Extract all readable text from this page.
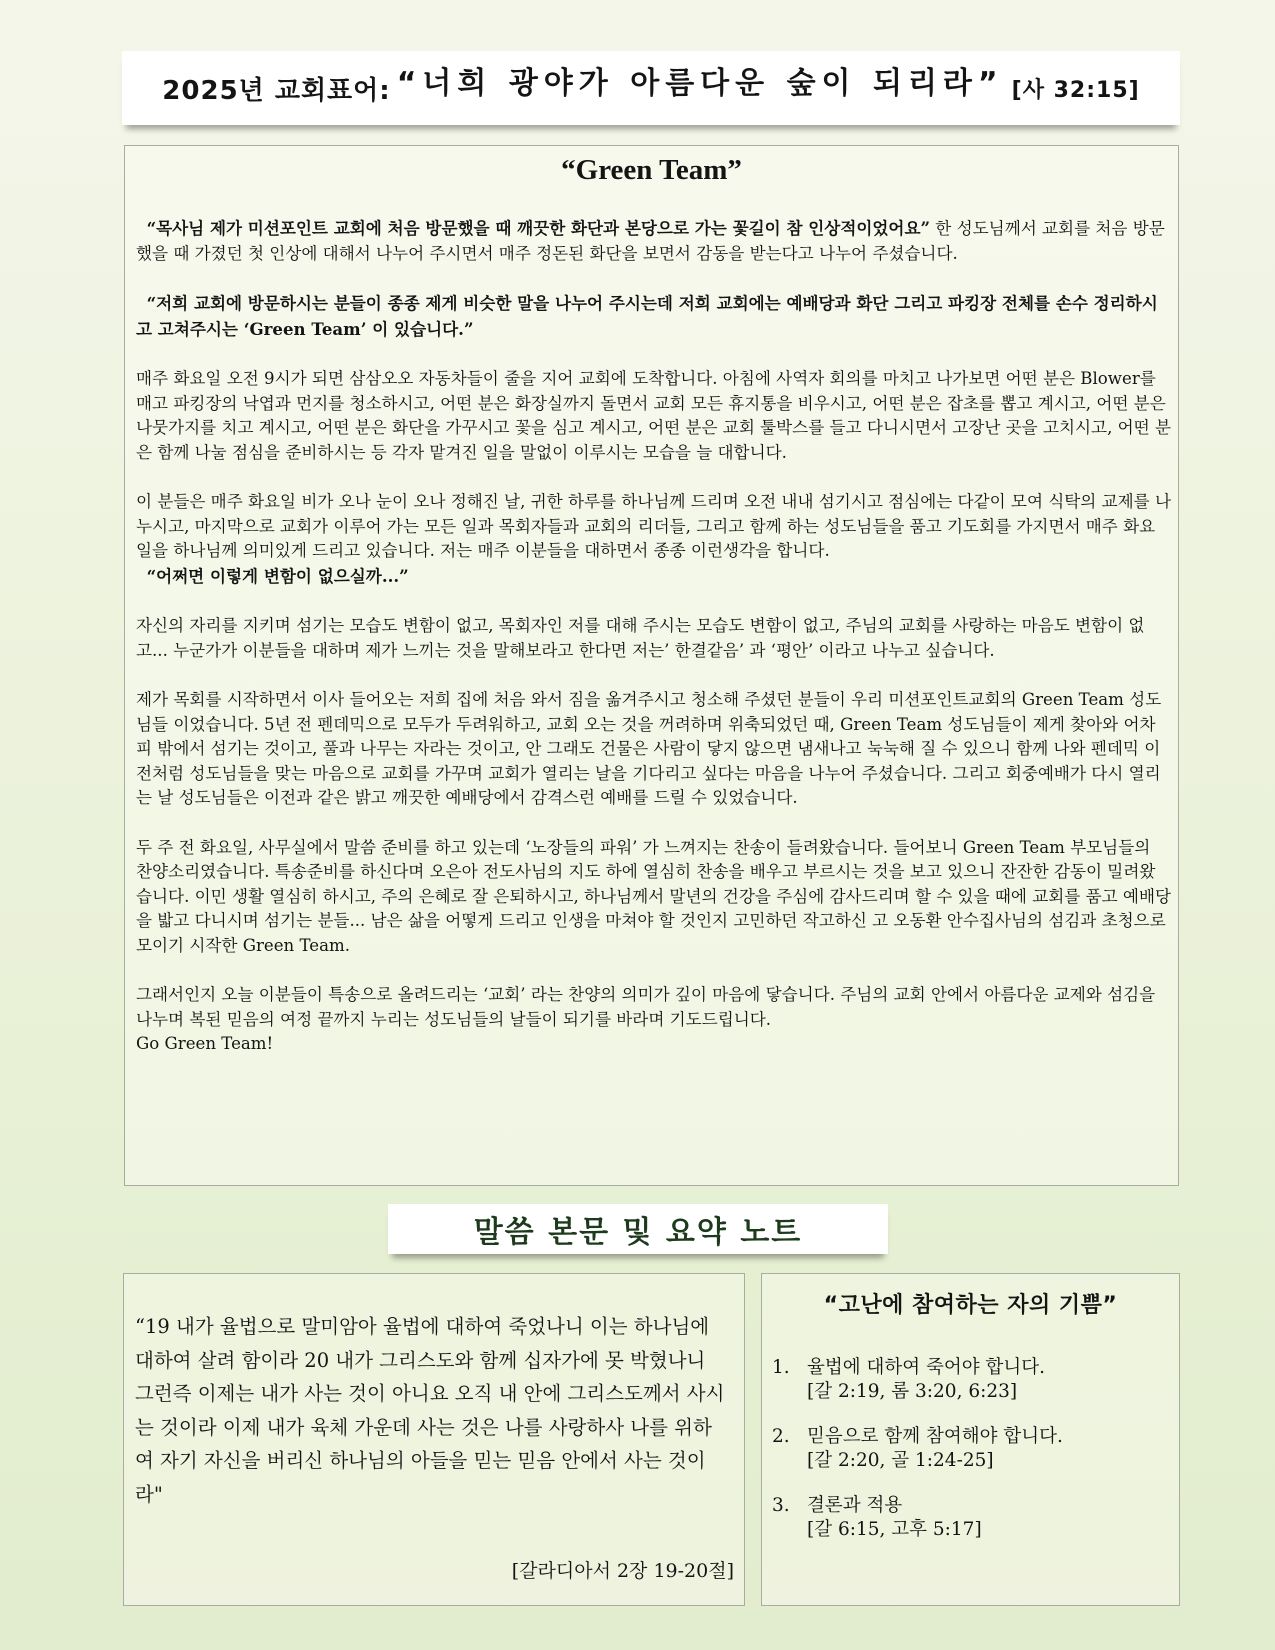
2025년 교회표어: “너희 광야가 아름다운 숲이 되리라” [사 32:15]
“Green Team”

“목사님 제가 미션포인트 교회에 처음 방문했을 때 깨끗한 화단과 본당으로 가는 꽃길이 참 인상적이었어요” 한 성도님께서 교회를 처음 방문했을 때 가졌던 첫 인상에 대해서 나누어 주시면서 매주 정돈된 화단을 보면서 감동을 받는다고 나누어 주셨습니다.

“저희 교회에 방문하시는 분들이 종종 제게 비슷한 말을 나누어 주시는데 저희 교회에는 예배당과 화단 그리고 파킹장 전체를 손수 정리하시고 고쳐주시는 ‘Green Team’ 이 있습니다.”

매주 화요일 오전 9시가 되면 삼삼오오 자동차들이 줄을 지어 교회에 도착합니다. 아침에 사역자 회의를 마치고 나가보면 어떤 분은 Blower를 매고 파킹장의 낙엽과 먼지를 청소하시고, 어떤 분은 화장실까지 돌면서 교회 모든 휴지통을 비우시고, 어떤 분은 잡초를 뽑고 계시고, 어떤 분은 나뭇가지를 치고 계시고, 어떤 분은 화단을 가꾸시고 꽃을 심고 계시고, 어떤 분은 교회 툴박스를 들고 다니시면서 고장난 곳을 고치시고, 어떤 분은 함께 나눌 점심을 준비하시는 등 각자 맡겨진 일을 말없이 이루시는 모습을 늘 대합니다.

이 분들은 매주 화요일 비가 오나 눈이 오나 정해진 날, 귀한 하루를 하나님께 드리며 오전 내내 섬기시고 점심에는 다같이 모여 식탁의 교제를 나누시고, 마지막으로 교회가 이루어 가는 모든 일과 목회자들과 교회의 리더들, 그리고 함께 하는 성도님들을 품고 기도회를 가지면서 매주 화요일을 하나님께 의미있게 드리고 있습니다. 저는 매주 이분들을 대하면서 종종 이런생각을 합니다.
“어쩌면 이렇게 변함이 없으실까...”

자신의 자리를 지키며 섬기는 모습도 변함이 없고, 목회자인 저를 대해 주시는 모습도 변함이 없고, 주님의 교회를 사랑하는 마음도 변함이 없고... 누군가가 이분들을 대하며 제가 느끼는 것을 말해보라고 한다면 저는’ 한결같음’ 과 ‘평안’ 이라고 나누고 싶습니다.

제가 목회를 시작하면서 이사 들어오는 저희 집에 처음 와서 짐을 옮겨주시고 청소해 주셨던 분들이 우리 미션포인트교회의 Green Team 성도님들 이었습니다. 5년 전 펜데믹으로 모두가 두려워하고, 교회 오는 것을 꺼려하며 위축되었던 때, Green Team 성도님들이 제게 찾아와 어차피 밖에서 섬기는 것이고, 풀과 나무는 자라는 것이고, 안 그래도 건물은 사람이 닿지 않으면 냄새나고 눅눅해 질 수 있으니 함께 나와 펜데믹 이전처럼 성도님들을 맞는 마음으로 교회를 가꾸며 교회가 열리는 날을 기다리고 싶다는 마음을 나누어 주셨습니다. 그리고 회중예배가 다시 열리는 날 성도님들은 이전과 같은 밝고 깨끗한 예배당에서 감격스런 예배를 드릴 수 있었습니다.

두 주 전 화요일, 사무실에서 말씀 준비를 하고 있는데 ‘노장들의 파워’ 가 느껴지는 찬송이 들려왔습니다. 들어보니 Green Team 부모님들의 찬양소리였습니다. 특송준비를 하신다며 오은아 전도사님의 지도 하에 열심히 찬송을 배우고 부르시는 것을 보고 있으니 잔잔한 감동이 밀려왔습니다. 이민 생활 열심히 하시고, 주의 은혜로 잘 은퇴하시고, 하나님께서 말년의 건강을 주심에 감사드리며 할 수 있을 때에 교회를 품고 예배당을 밟고 다니시며 섬기는 분들... 남은 삶을 어떻게 드리고 인생을 마쳐야 할 것인지 고민하던 작고하신 고 오동환 안수집사님의 섬김과 초청으로 모이기 시작한 Green Team.

그래서인지 오늘 이분들이 특송으로 올려드리는 ‘교회’ 라는 찬양의 의미가 깊이 마음에 닿습니다. 주님의 교회 안에서 아름다운 교제와 섬김을 나누며 복된 믿음의 여정 끝까지 누리는 성도님들의 날들이 되기를 바라며 기도드립니다.
Go Green Team!

말씀 본문 및 요약 노트
“19 내가 율법으로 말미암아 율법에 대하여 죽었나니 이는 하나님에 대하여 살려 함이라 20 내가 그리스도와 함께 십자가에 못 박혔나니 그런즉 이제는 내가 사는 것이 아니요 오직 내 안에 그리스도께서 사시는 것이라 이제 내가 육체 가운데 사는 것은 나를 사랑하사 나를 위하여 자기 자신을 버리신 하나님의 아들을 믿는 믿음 안에서 사는 것이라"
[갈라디아서 2장 19-20절]
“고난에 참여하는 자의 기쁨”
1. 율법에 대하여 죽어야 합니다.
[갈 2:19, 롬 3:20, 6:23]
2. 믿음으로 함께 참여해야 합니다.
[갈 2:20, 골 1:24-25]
3. 결론과 적용
[갈 6:15, 고후 5:17]
